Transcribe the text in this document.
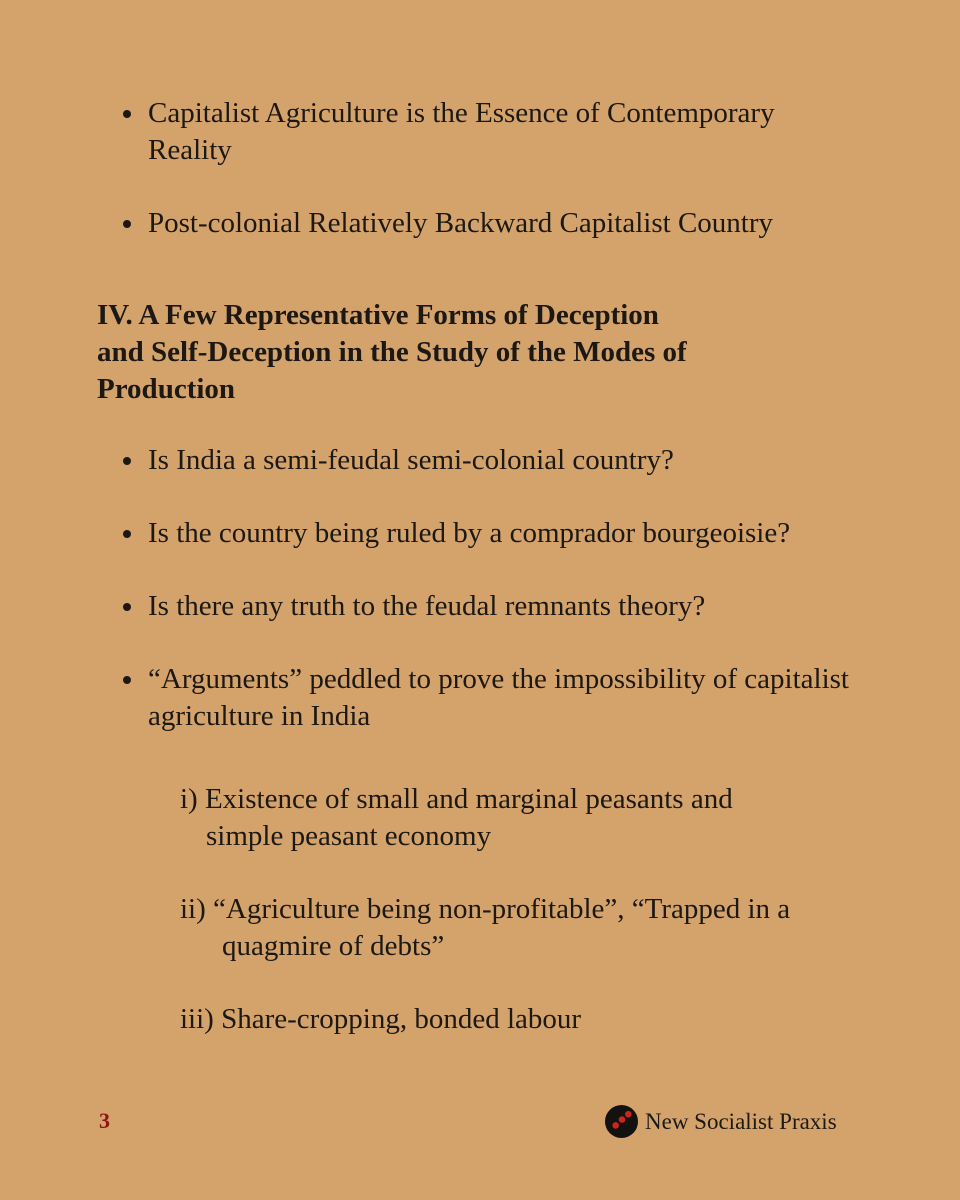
Capitalist Agriculture is the Essence of Contemporary Reality
Post-colonial Relatively Backward Capitalist Country
IV. A Few Representative Forms of Deception
and Self-Deception in the Study of the Modes of
Production
Is India a semi-feudal semi-colonial country?
Is the country being ruled by a comprador bourgeoisie?
Is there any truth to the feudal remnants theory?
“Arguments” peddled to prove the impossibility of capitalist agriculture in India
i) Existence of small and marginal peasants and
simple peasant economy
ii) “Agriculture being non-profitable”, “Trapped in a
quagmire of debts”
iii) Share-cropping, bonded labour
3	New Socialist Praxis
